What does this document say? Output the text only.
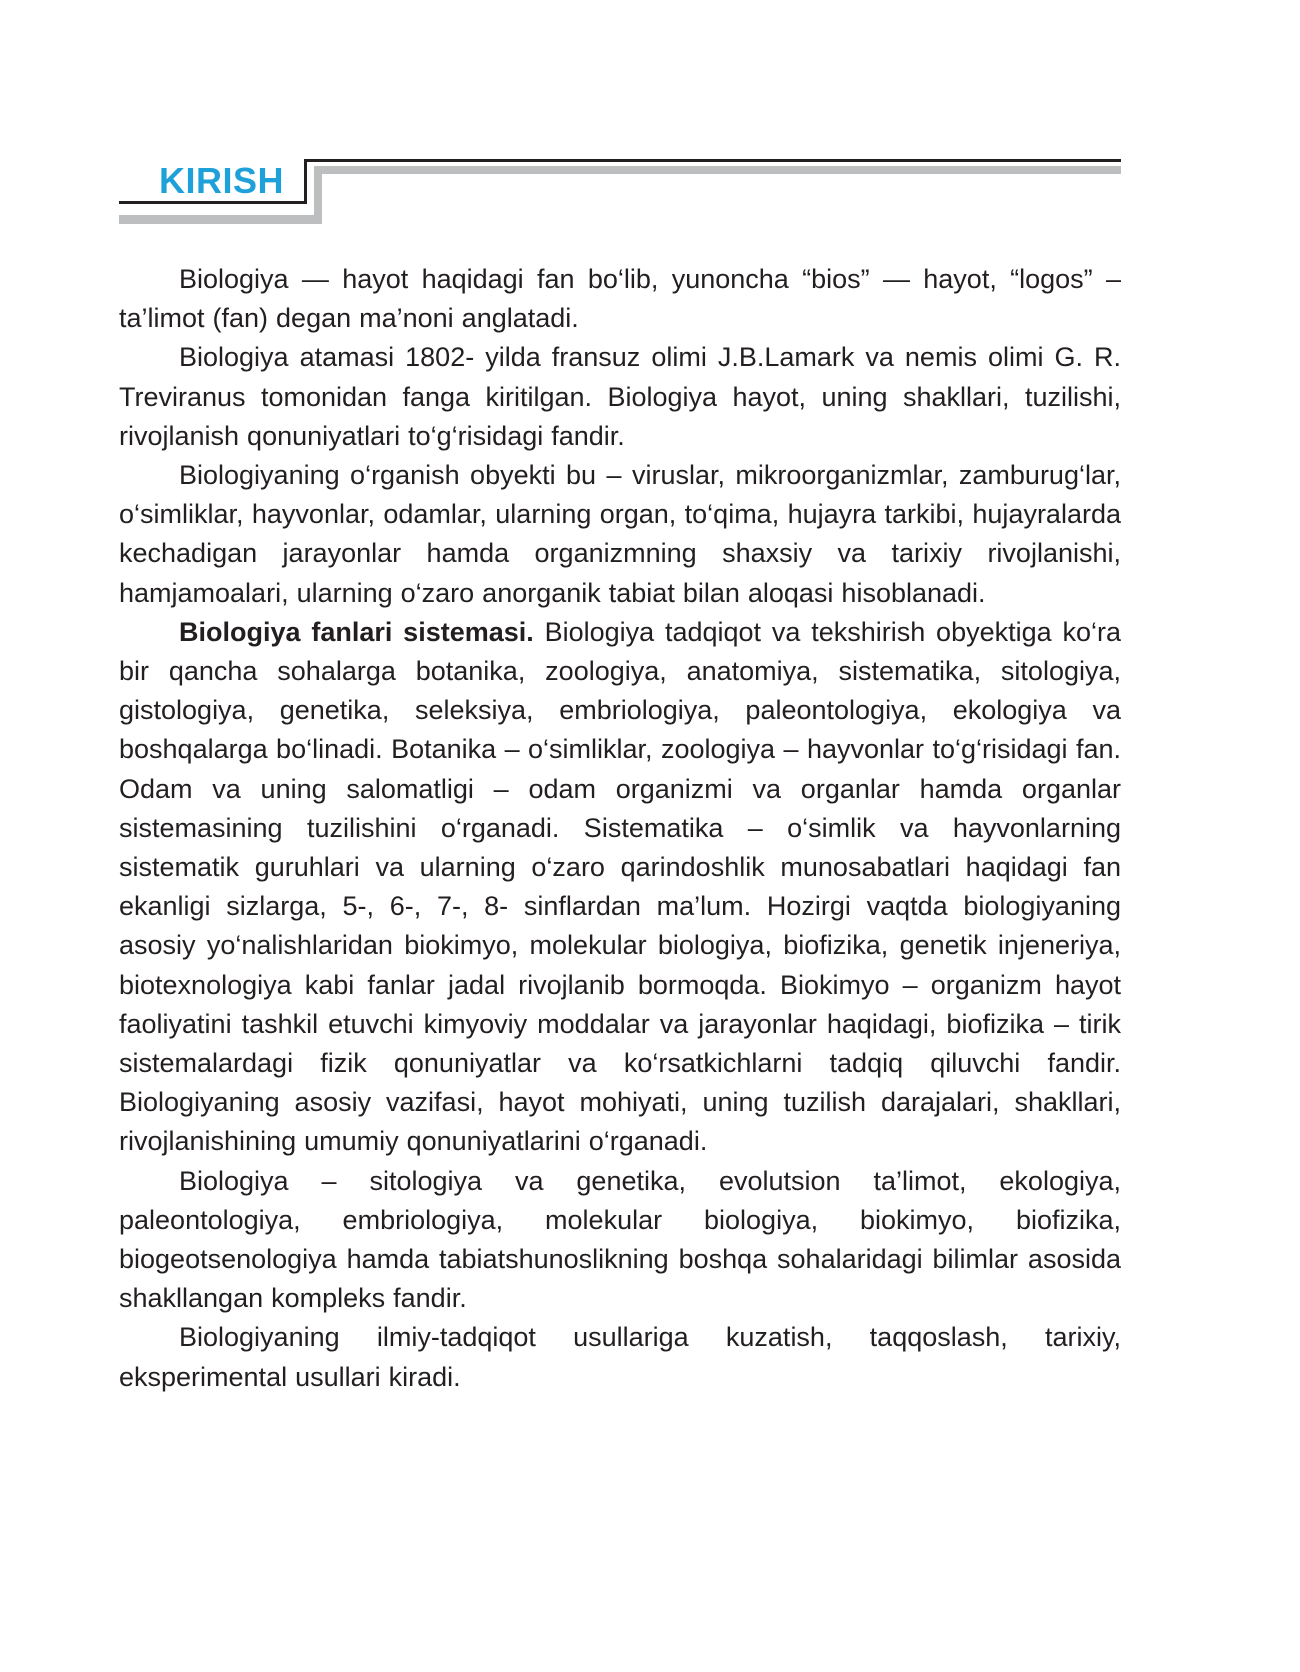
KIRISH

Biologiya — hayot haqidagi fan bo‘lib, yunoncha “bios” — hayot, “logos” – ta’limot (fan) degan ma’noni anglatadi.

Biologiya atamasi 1802- yilda fransuz olimi J.B.Lamark va nemis olimi G. R. Treviranus tomonidan fanga kiritilgan. Biologiya hayot, uning shakllari, tuzilishi, rivojlanish qonuniyatlari to‘g‘risidagi fandir.

Biologiyaning o‘rganish obyekti bu – viruslar, mikroorganizmlar, zamburug‘lar, o‘simliklar, hayvonlar, odamlar, ularning organ, to‘qima, hujayra tarkibi, hujayralarda kechadigan jarayonlar hamda organizmning shaxsiy va tarixiy rivojlanishi, hamjamoalari, ularning o‘zaro anorganik tabiat bilan aloqasi hisoblanadi.

Biologiya fanlari sistemasi. Biologiya tadqiqot va tekshirish obyektiga ko‘ra bir qancha sohalarga botanika, zoologiya, anatomiya, sistematika, sitologiya, gistologiya, genetika, seleksiya, embriologiya, paleontologiya, ekologiya va boshqalarga bo‘linadi. Botanika – o‘simliklar, zoologiya – hayvonlar to‘g‘risidagi fan. Odam va uning salomatligi – odam organizmi va organlar hamda organlar sistemasining tuzilishini o‘rganadi. Sistematika – o‘simlik va hayvonlarning sistematik guruhlari va ularning o‘zaro qarindoshlik munosabatlari haqidagi fan ekanligi sizlarga, 5-, 6-, 7-, 8- sinflardan ma’lum. Hozirgi vaqtda biologiyaning asosiy yo‘nalishlaridan biokimyo, molekular biologiya, biofizika, genetik injeneriya, biotexnologiya kabi fanlar jadal rivojlanib bormoqda. Biokimyo – organizm hayot faoliyatini tashkil etuvchi kimyoviy moddalar va jarayonlar haqidagi, biofizika – tirik sistemalardagi fizik qonuniyatlar va ko‘rsatkichlarni tadqiq qiluvchi fandir. Biologiyaning asosiy vazifasi, hayot mohiyati, uning tuzilish darajalari, shakllari, rivojlanishining umumiy qonuniyatlarini o‘rganadi.

Biologiya – sitologiya va genetika, evolutsion ta’limot, ekologiya, paleontologiya, embriologiya, molekular biologiya, biokimyo, biofizika, biogeotsenologiya hamda tabiatshunoslikning boshqa sohalaridagi bilimlar asosida shakllangan kompleks fandir.

Biologiyaning ilmiy-tadqiqot usullariga kuzatish, taqqoslash, tarixiy, eksperimental usullari kiradi.
